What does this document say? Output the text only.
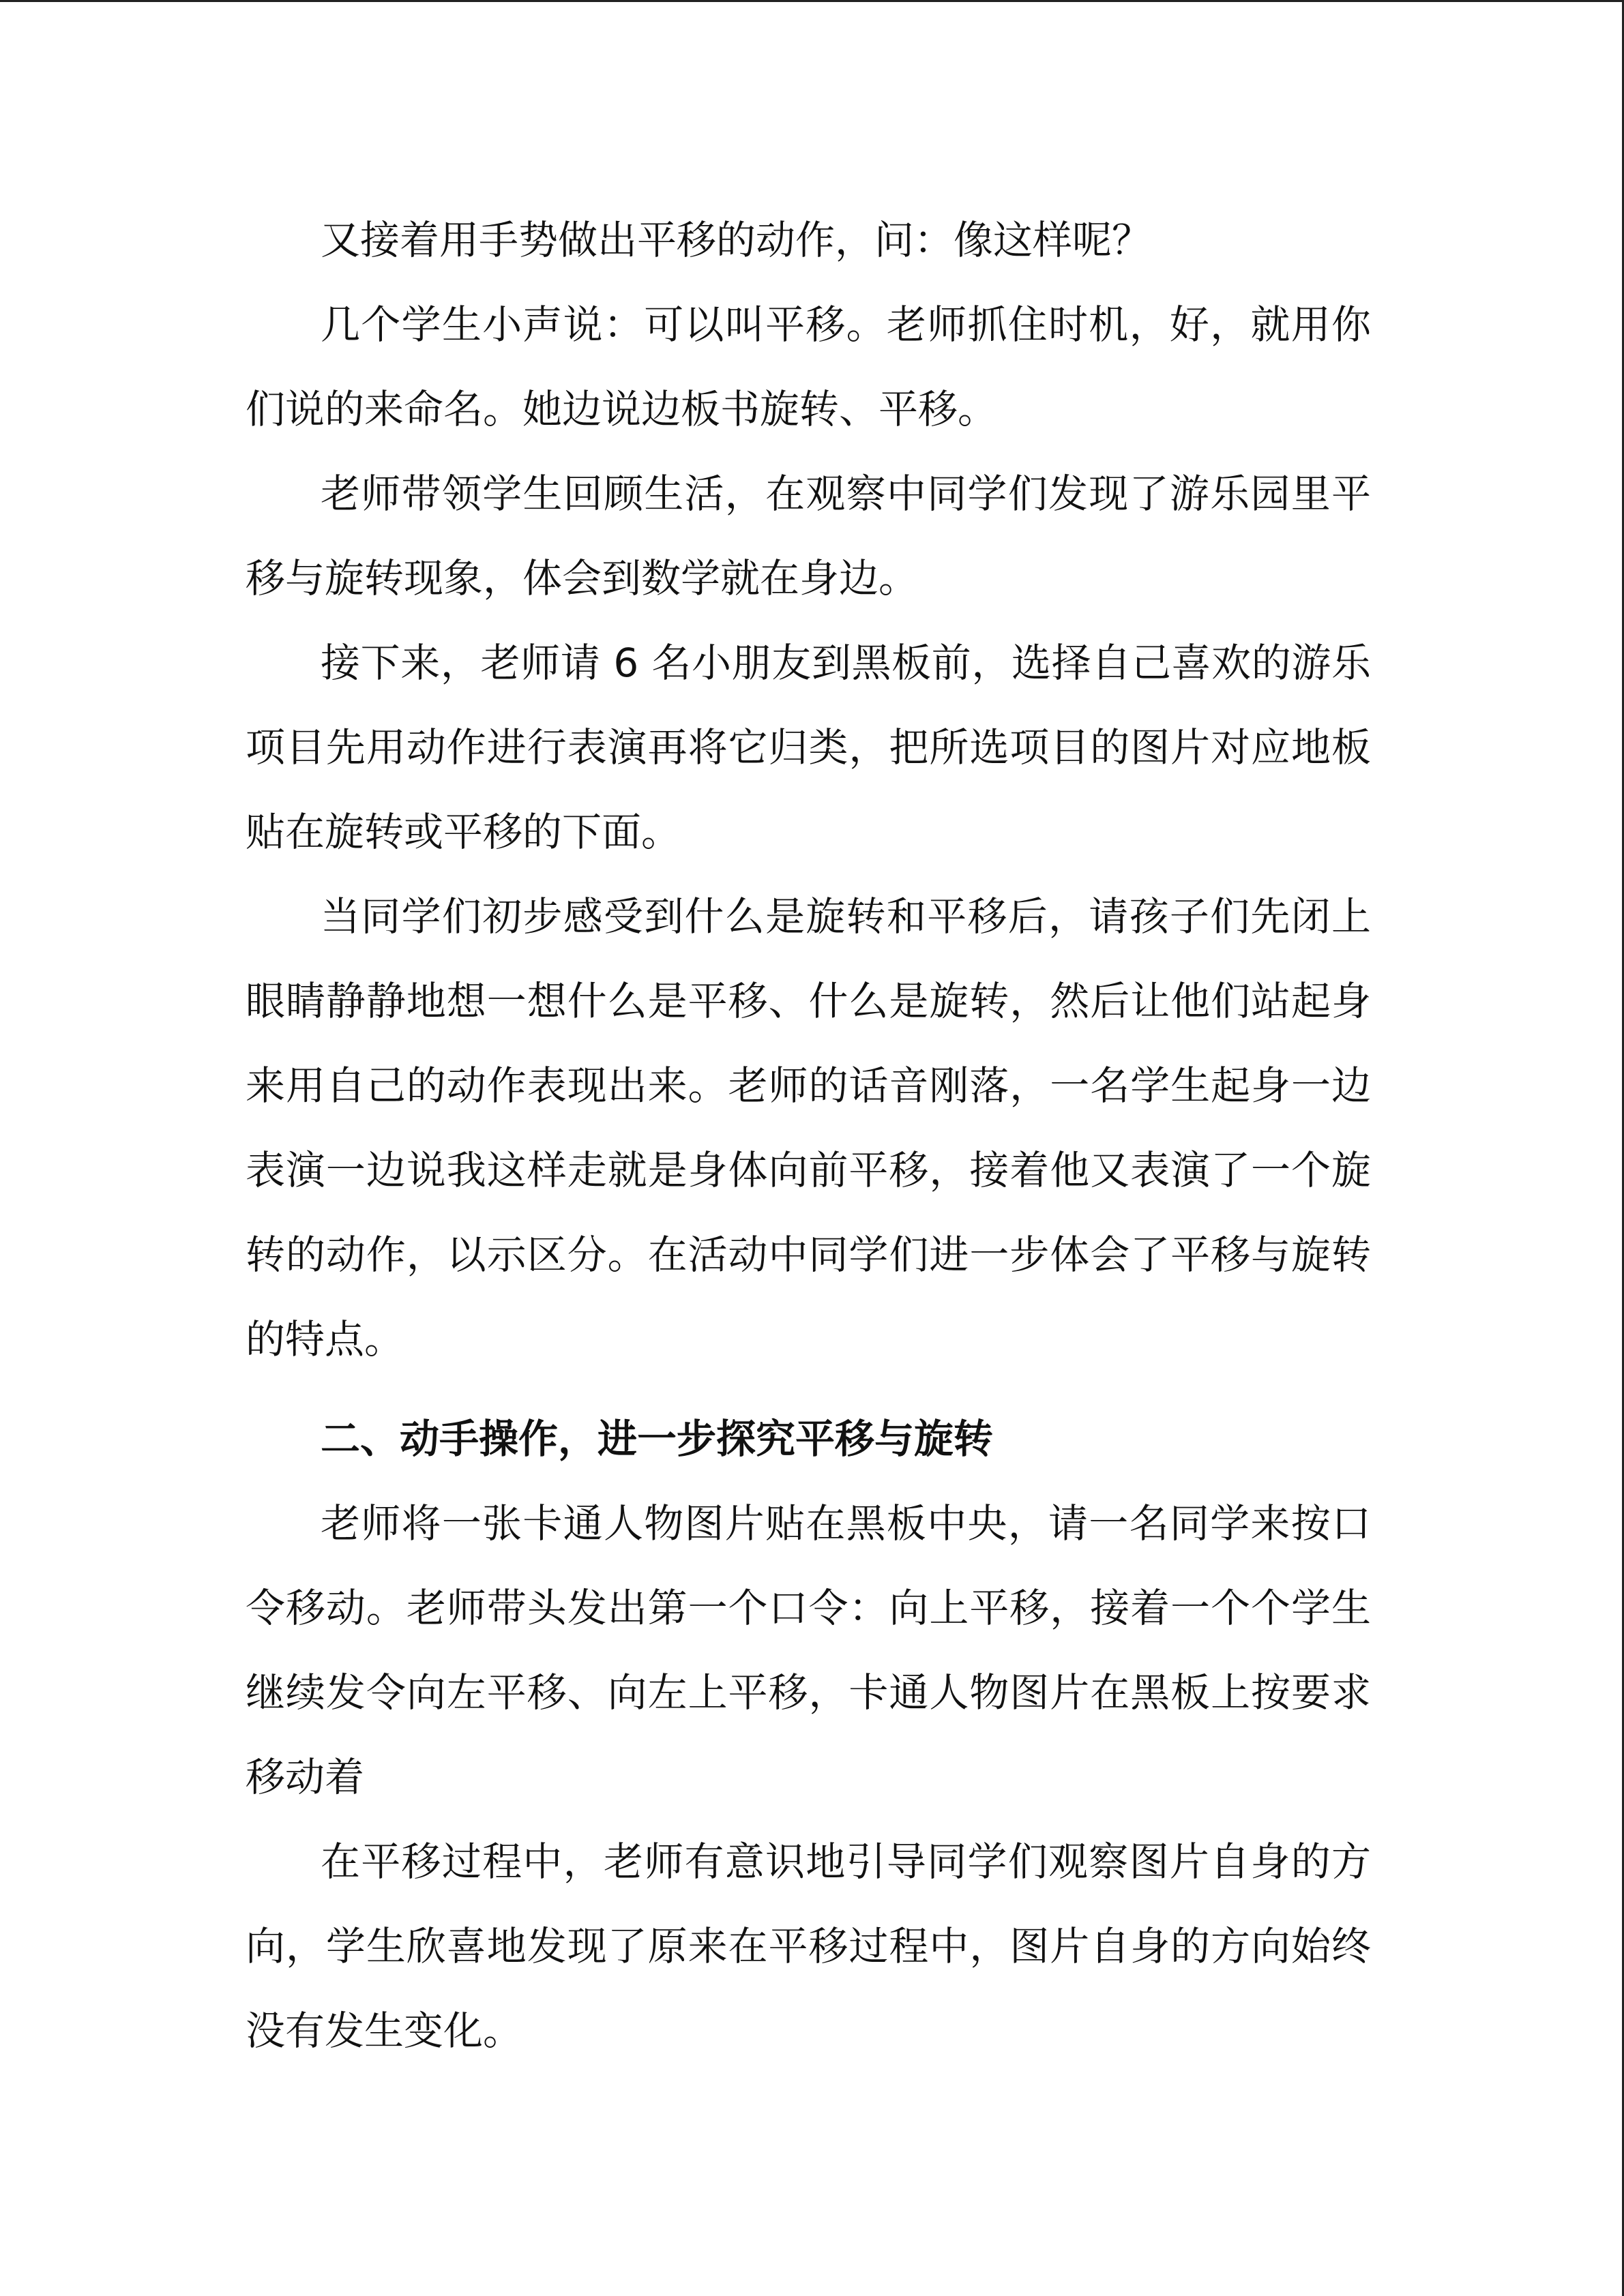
又接着用手势做出平移的动作，问：像这样呢？

几个学生小声说：可以叫平移。老师抓住时机，好，就用你们说的来命名。她边说边板书旋转、平移。

老师带领学生回顾生活，在观察中同学们发现了游乐园里平移与旋转现象，体会到数学就在身边。

接下来，老师请 6 名小朋友到黑板前，选择自己喜欢的游乐项目先用动作进行表演再将它归类，把所选项目的图片对应地板贴在旋转或平移的下面。

当同学们初步感受到什么是旋转和平移后，请孩子们先闭上眼睛静静地想一想什么是平移、什么是旋转，然后让他们站起身来用自己的动作表现出来。老师的话音刚落，一名学生起身一边表演一边说我这样走就是身体向前平移，接着他又表演了一个旋转的动作，以示区分。在活动中同学们进一步体会了平移与旋转的特点。

二、动手操作，进一步探究平移与旋转

老师将一张卡通人物图片贴在黑板中央，请一名同学来按口令移动。老师带头发出第一个口令：向上平移，接着一个个学生继续发令向左平移、向左上平移，卡通人物图片在黑板上按要求移动着

在平移过程中，老师有意识地引导同学们观察图片自身的方向，学生欣喜地发现了原来在平移过程中，图片自身的方向始终没有发生变化。
